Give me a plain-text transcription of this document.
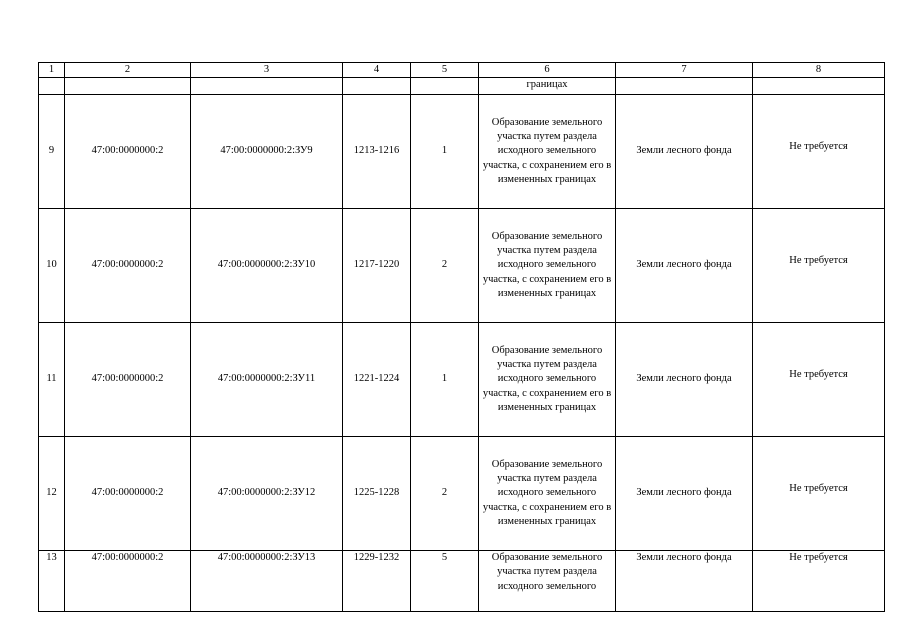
1	2	3	4	5	6	7	8
					границах		
9	47:00:0000000:2	47:00:0000000:2:ЗУ9	1213-1216	1	Образование земельного участка путем раздела исходного земельного участка, с сохранением его в измененных границах	Земли лесного фонда	Не требуется
10	47:00:0000000:2	47:00:0000000:2:ЗУ10	1217-1220	2	Образование земельного участка путем раздела исходного земельного участка, с сохранением его в измененных границах	Земли лесного фонда	Не требуется
11	47:00:0000000:2	47:00:0000000:2:ЗУ11	1221-1224	1	Образование земельного участка путем раздела исходного земельного участка, с сохранением его в измененных границах	Земли лесного фонда	Не требуется
12	47:00:0000000:2	47:00:0000000:2:ЗУ12	1225-1228	2	Образование земельного участка путем раздела исходного земельного участка, с сохранением его в измененных границах	Земли лесного фонда	Не требуется
13	47:00:0000000:2	47:00:0000000:2:ЗУ13	1229-1232	5	Образование земельного участка путем раздела исходного земельного	Земли лесного фонда	Не требуется
